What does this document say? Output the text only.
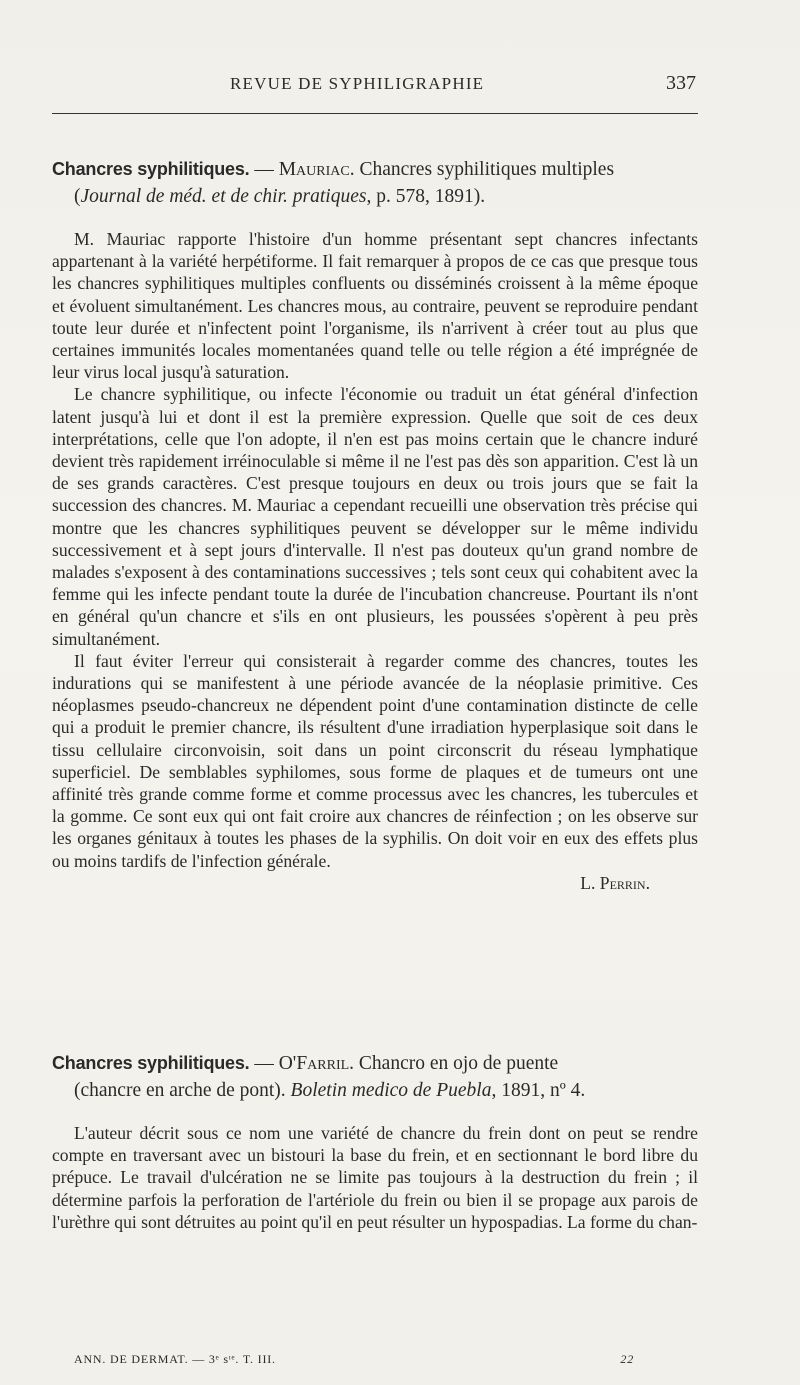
REVUE DE SYPHILIGRAPHIE	337
Chancres syphilitiques. — Mauriac. Chancres syphilitiques multiples
(Journal de méd. et de chir. pratiques, p. 578, 1891).

M. Mauriac rapporte l'histoire d'un homme présentant sept chancres infectants appartenant à la variété herpétiforme. Il fait remarquer à propos de ce cas que presque tous les chancres syphilitiques multiples confluents ou disséminés croissent à la même époque et évoluent simultanément. Les chancres mous, au contraire, peuvent se reproduire pendant toute leur durée et n'infectent point l'organisme, ils n'arrivent à créer tout au plus que certaines immunités locales momentanées quand telle ou telle région a été imprégnée de leur virus local jusqu'à saturation.

Le chancre syphilitique, ou infecte l'économie ou traduit un état général d'infection latent jusqu'à lui et dont il est la première expression. Quelle que soit de ces deux interprétations, celle que l'on adopte, il n'en est pas moins certain que le chancre induré devient très rapidement irréinoculable si même il ne l'est pas dès son apparition. C'est là un de ses grands caractères. C'est presque toujours en deux ou trois jours que se fait la succession des chancres. M. Mauriac a cependant recueilli une observation très précise qui montre que les chancres syphilitiques peuvent se développer sur le même individu successivement et à sept jours d'intervalle. Il n'est pas douteux qu'un grand nombre de malades s'exposent à des contaminations successives ; tels sont ceux qui cohabitent avec la femme qui les infecte pendant toute la durée de l'incubation chancreuse. Pourtant ils n'ont en général qu'un chancre et s'ils en ont plusieurs, les poussées s'opèrent à peu près simultanément.

Il faut éviter l'erreur qui consisterait à regarder comme des chancres, toutes les indurations qui se manifestent à une période avancée de la néoplasie primitive. Ces néoplasmes pseudo-chancreux ne dépendent point d'une contamination distincte de celle qui a produit le premier chancre, ils résultent d'une irradiation hyperplasique soit dans le tissu cellulaire circonvoisin, soit dans un point circonscrit du réseau lymphatique superficiel. De semblables syphilomes, sous forme de plaques et de tumeurs ont une affinité très grande comme forme et comme processus avec les chancres, les tubercules et la gomme. Ce sont eux qui ont fait croire aux chancres de réinfection ; on les observe sur les organes génitaux à toutes les phases de la syphilis. On doit voir en eux des effets plus ou moins tardifs de l'infection générale.

L. Perrin.
Chancres syphilitiques. — O'Farril. Chancro en ojo de puente
(chancre en arche de pont). Boletin medico de Puebla, 1891, nº 4.

L'auteur décrit sous ce nom une variété de chancre du frein dont on peut se rendre compte en traversant avec un bistouri la base du frein, et en sectionnant le bord libre du prépuce. Le travail d'ulcération ne se limite pas toujours à la destruction du frein ; il détermine parfois la perforation de l'artériole du frein ou bien il se propage aux parois de l'urèthre qui sont détruites au point qu'il en peut résulter un hypospadias. La forme du chan-

ANN. DE DERMAT. — 3ᵉ sᶦᵉ. T. III.	22
